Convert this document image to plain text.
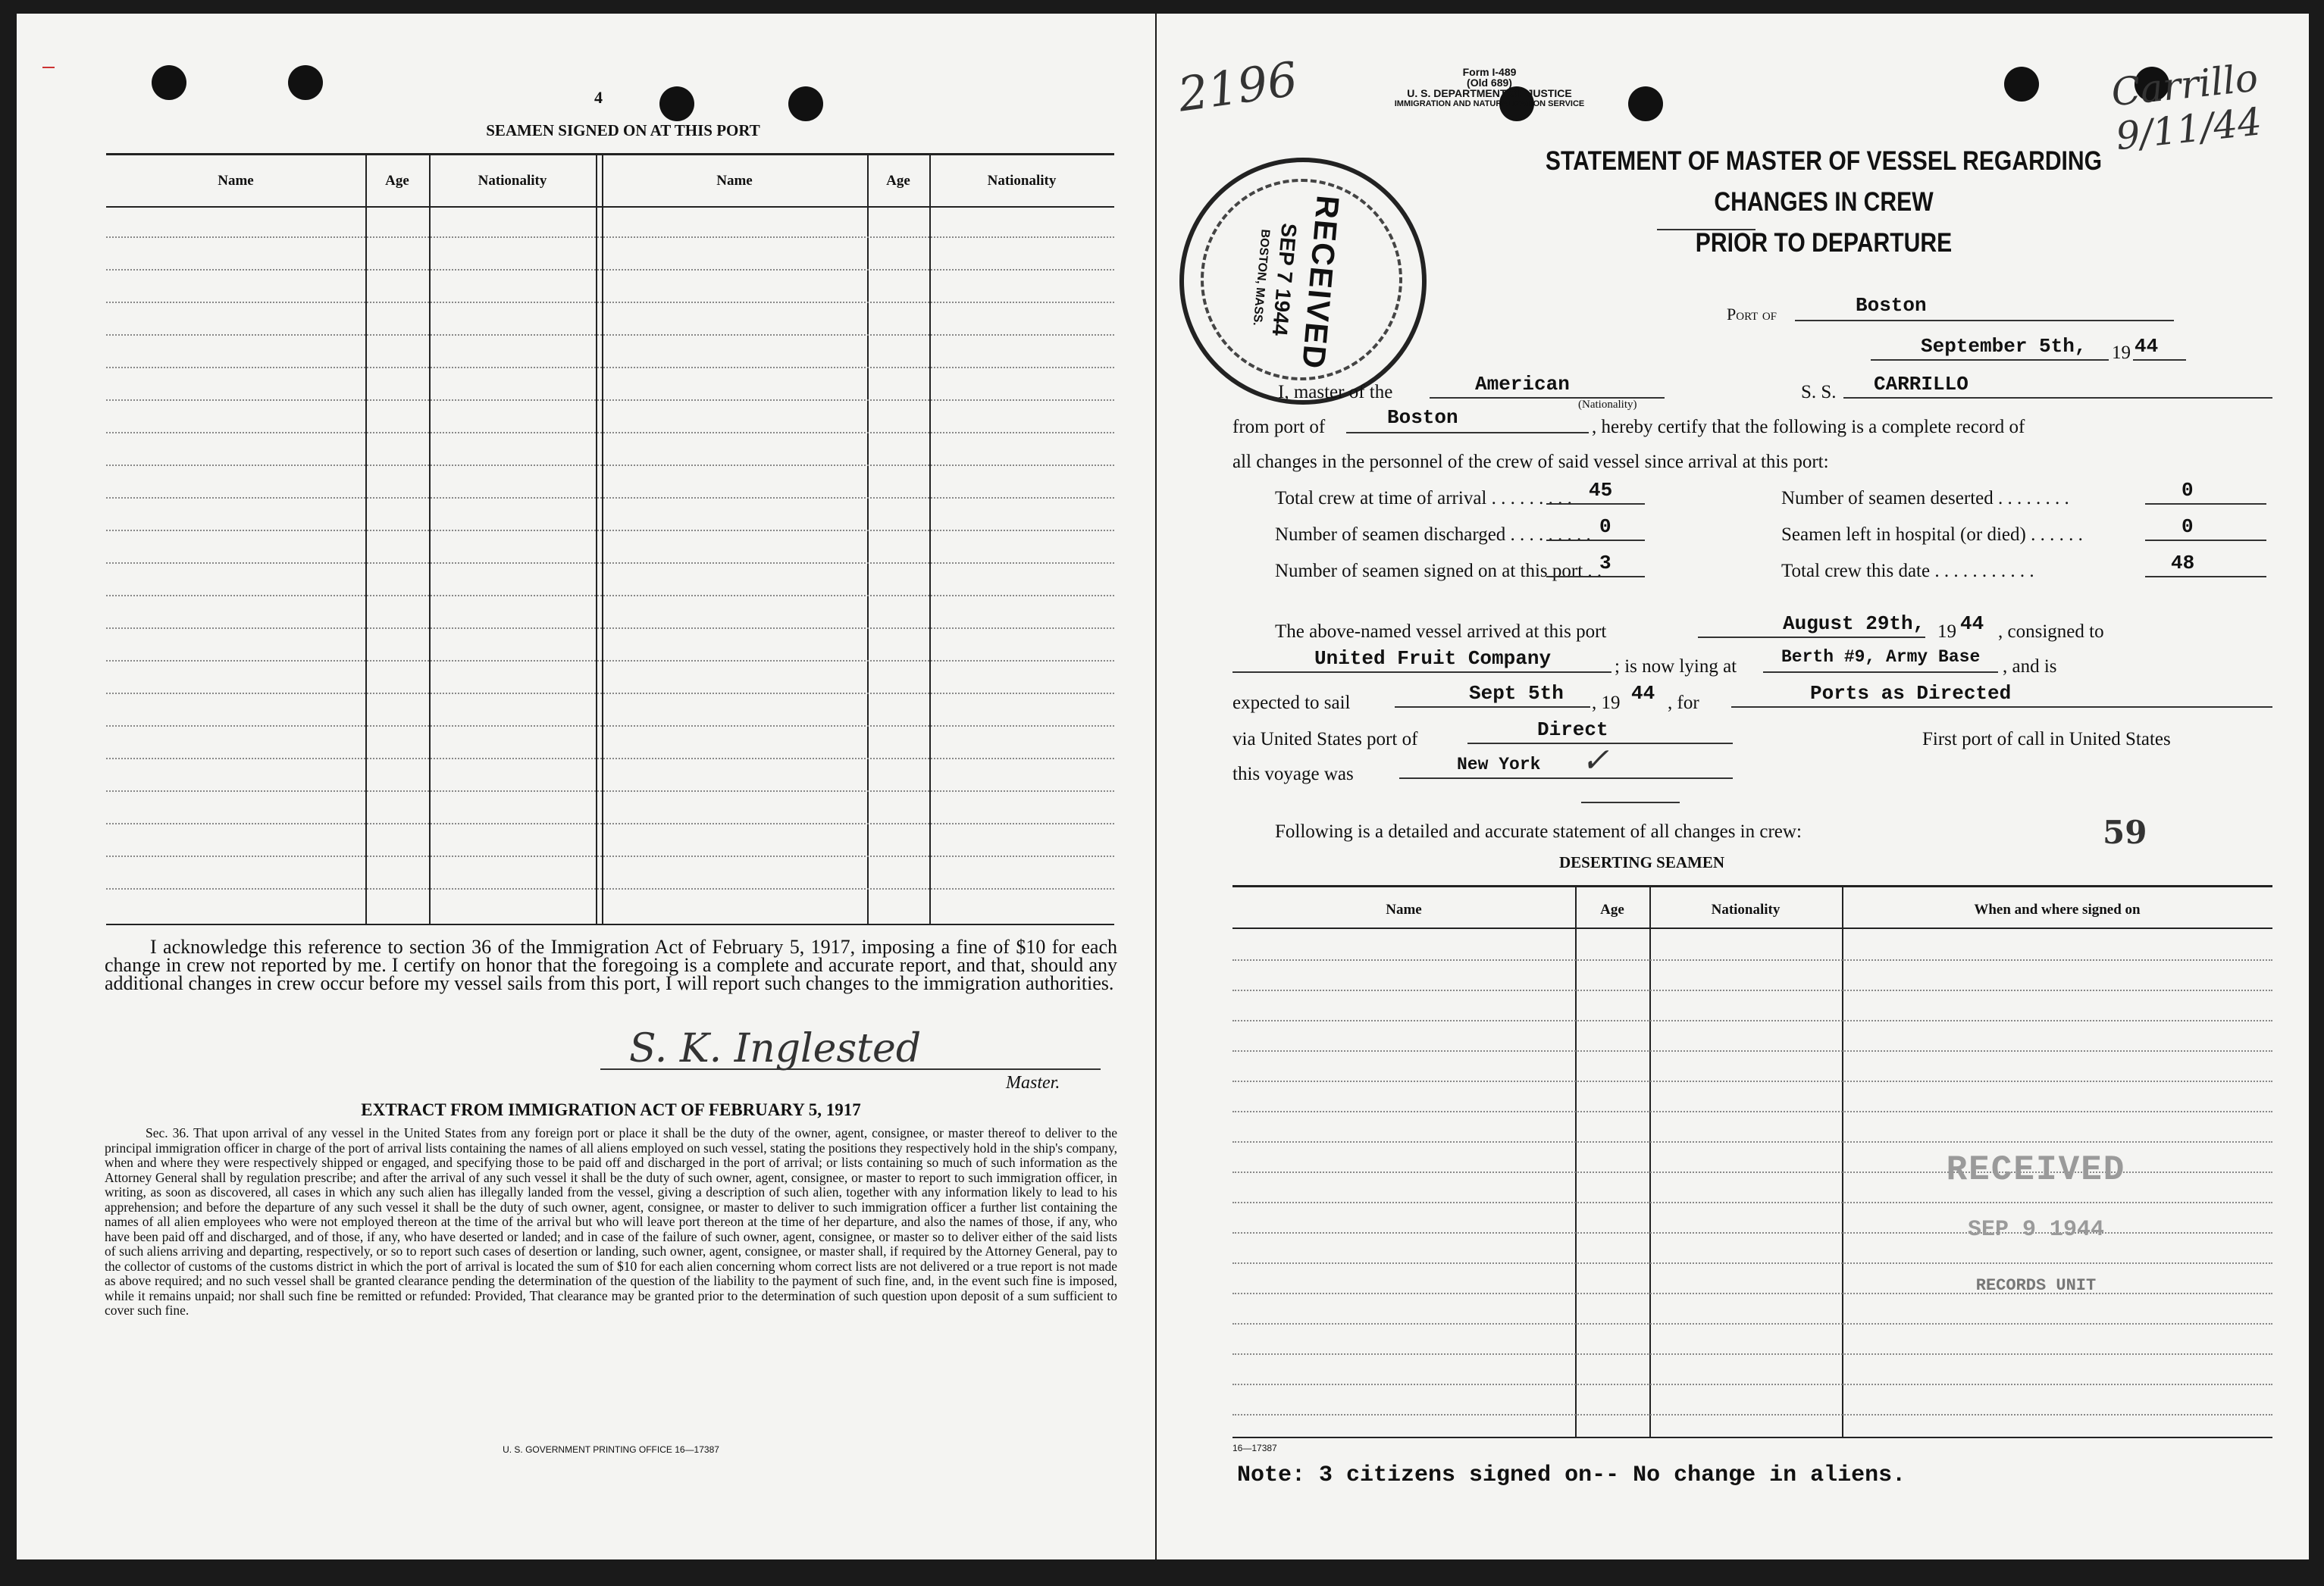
4
SEAMEN SIGNED ON AT THIS PORT
Name	Age	Nationality	Name	Age	Nationality
I acknowledge this reference to section 36 of the Immigration Act of February 5, 1917, imposing a fine of $10 for each change in crew not reported by me. I certify on honor that the foregoing is a complete and accurate report, and that, should any additional changes in crew occur before my vessel sails from this port, I will report such changes to the immigration authorities.
S. K. Inglested
Master.
EXTRACT FROM IMMIGRATION ACT OF FEBRUARY 5, 1917
Sec. 36. That upon arrival of any vessel in the United States from any foreign port or place it shall be the duty of the owner, agent, consignee, or master thereof to deliver to the principal immigration officer in charge of the port of arrival lists containing the names of all aliens employed on such vessel, stating the positions they respectively hold in the ship's company, when and where they were respectively shipped or engaged, and specifying those to be paid off and discharged in the port of arrival; or lists containing so much of such information as the Attorney General shall by regulation prescribe; and after the arrival of any such vessel it shall be the duty of such owner, agent, consignee, or master to report to such immigration officer, in writing, as soon as discovered, all cases in which any such alien has illegally landed from the vessel, giving a description of such alien, together with any information likely to lead to his apprehension; and before the departure of any such vessel it shall be the duty of such owner, agent, consignee, or master to deliver to such immigration officer a further list containing the names of all alien employees who were not employed thereon at the time of the arrival but who will leave port thereon at the time of her departure, and also the names of those, if any, who have been paid off and discharged, and of those, if any, who have deserted or landed; and in case of the failure of such owner, agent, consignee, or master so to deliver either of the said lists of such aliens arriving and departing, respectively, or so to report such cases of desertion or landing, such owner, agent, consignee, or master shall, if required by the Attorney General, pay to the collector of customs of the customs district in which the port of arrival is located the sum of $10 for each alien concerning whom correct lists are not delivered or a true report is not made as above required; and no such vessel shall be granted clearance pending the determination of the question of the liability to the payment of such fine, and, in the event such fine is imposed, while it remains unpaid; nor shall such fine be remitted or refunded: Provided, That clearance may be granted prior to the determination of such question upon deposit of a sum sufficient to cover such fine.
U. S. GOVERNMENT PRINTING OFFICE 16—17387
2196	Carrillo 9/11/44
Form I-489
(Old 689)
U. S. DEPARTMENT OF JUSTICE
IMMIGRATION AND NATURALIZATION SERVICE
STATEMENT OF MASTER OF VESSEL REGARDING CHANGES IN CREW
PRIOR TO DEPARTURE
RECEIVED
SEP 7 1944
BOSTON, MASS.	Port of	Boston
September 5th, 19 44
I, master of the	American
(Nationality)
S. S. CARRILLO
from port of	Boston	, hereby certify that the following is a complete record of
all changes in the personnel of the crew of said vessel since arrival at this port:
Total crew at time of arrival . . . . . . . . . 45
Number of seamen discharged . . . . . . . . . 0
Number of seamen signed on at this port . .
3
Number of seamen deserted . . . . . . . .	0
Seamen left in hospital (or died) . . . . . .	0
Total crew this date . . . . . . . . . . .	48
The above-named vessel arrived at this port	August 29th, 19 44 , consigned to
United Fruit Company	; is now lying at	Berth #9, Army Base , and is
expected to sail	Sept 5th , 19 44 , for	Ports as Directed
via United States port of	Direct	First port of call in United States
this voyage was	New York ✓
Following is a detailed and accurate statement of all changes in crew:	59
DESERTING SEAMEN
Name	Age	Nationality	When and where signed on
RECEIVED
SEP 9 1944
RECORDS UNIT
16—17387
Note: 3 citizens signed on-- No change in aliens.
